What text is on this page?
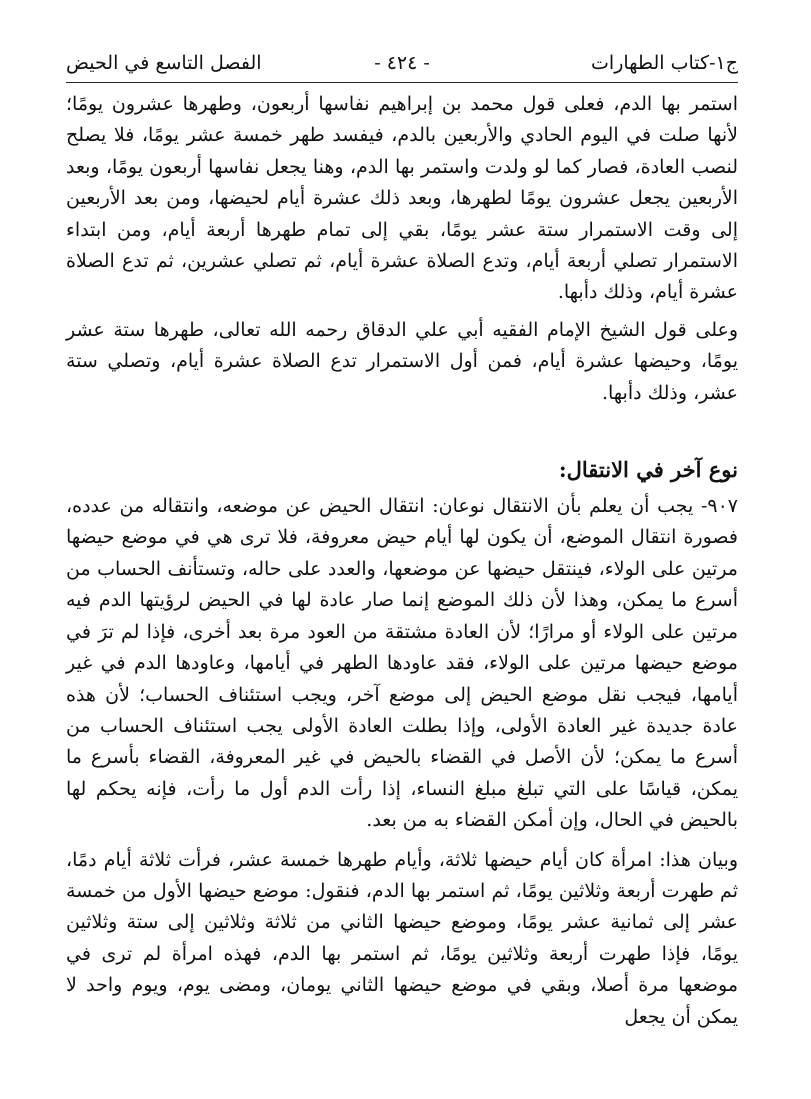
ج١-كتاب الطهارات
- ٤٢٤ -
الفصل التاسع في الحيض

استمر بها الدم، فعلى قول محمد بن إبراهيم نفاسها أربعون، وطهرها عشرون يومًا؛ لأنها صلت في اليوم الحادي والأربعين بالدم، فيفسد طهر خمسة عشر يومًا، فلا يصلح لنصب العادة، فصار كما لو ولدت واستمر بها الدم، وهنا يجعل نفاسها أربعون يومًا، وبعد الأربعين يجعل عشرون يومًا لطهرها، وبعد ذلك عشرة أيام لحيضها، ومن بعد الأربعين إلى وقت الاستمرار ستة عشر يومًا، بقي إلى تمام طهرها أربعة أيام، ومن ابتداء الاستمرار تصلي أربعة أيام، وتدع الصلاة عشرة أيام، ثم تصلي عشرين، ثم تدع الصلاة عشرة أيام، وذلك دأبها.

وعلى قول الشيخ الإمام الفقيه أبي علي الدقاق رحمه الله تعالى، طهرها ستة عشر يومًا، وحيضها عشرة أيام، فمن أول الاستمرار تدع الصلاة عشرة أيام، وتصلي ستة عشر، وذلك دأبها.

نوع آخر في الانتقال:

٩٠٧- يجب أن يعلم بأن الانتقال نوعان: انتقال الحيض عن موضعه، وانتقاله من عدده، فصورة انتقال الموضع، أن يكون لها أيام حيض معروفة، فلا ترى هي في موضع حيضها مرتين على الولاء، فينتقل حيضها عن موضعها، والعدد على حاله، وتستأنف الحساب من أسرع ما يمكن، وهذا لأن ذلك الموضع إنما صار عادة لها في الحيض لرؤيتها الدم فيه مرتين على الولاء أو مرارًا؛ لأن العادة مشتقة من العود مرة بعد أخرى، فإذا لم ترَ في موضع حيضها مرتين على الولاء، فقد عاودها الطهر في أيامها، وعاودها الدم في غير أيامها، فيجب نقل موضع الحيض إلى موضع آخر، ويجب استئناف الحساب؛ لأن هذه عادة جديدة غير العادة الأولى، وإذا بطلت العادة الأولى يجب استئناف الحساب من أسرع ما يمكن؛ لأن الأصل في القضاء بالحيض في غير المعروفة، القضاء بأسرع ما يمكن، قياسًا على التي تبلغ مبلغ النساء، إذا رأت الدم أول ما رأت، فإنه يحكم لها بالحيض في الحال، وإن أمكن القضاء به من بعد.

وبيان هذا: امرأة كان أيام حيضها ثلاثة، وأيام طهرها خمسة عشر، فرأت ثلاثة أيام دمًا، ثم طهرت أربعة وثلاثين يومًا، ثم استمر بها الدم، فنقول: موضع حيضها الأول من خمسة عشر إلى ثمانية عشر يومًا، وموضع حيضها الثاني من ثلاثة وثلاثين إلى ستة وثلاثين يومًا، فإذا طهرت أربعة وثلاثين يومًا، ثم استمر بها الدم، فهذه امرأة لم ترى في موضعها مرة أصلا، وبقي في موضع حيضها الثاني يومان، ومضى يوم، ويوم واحد لا يمكن أن يجعل
